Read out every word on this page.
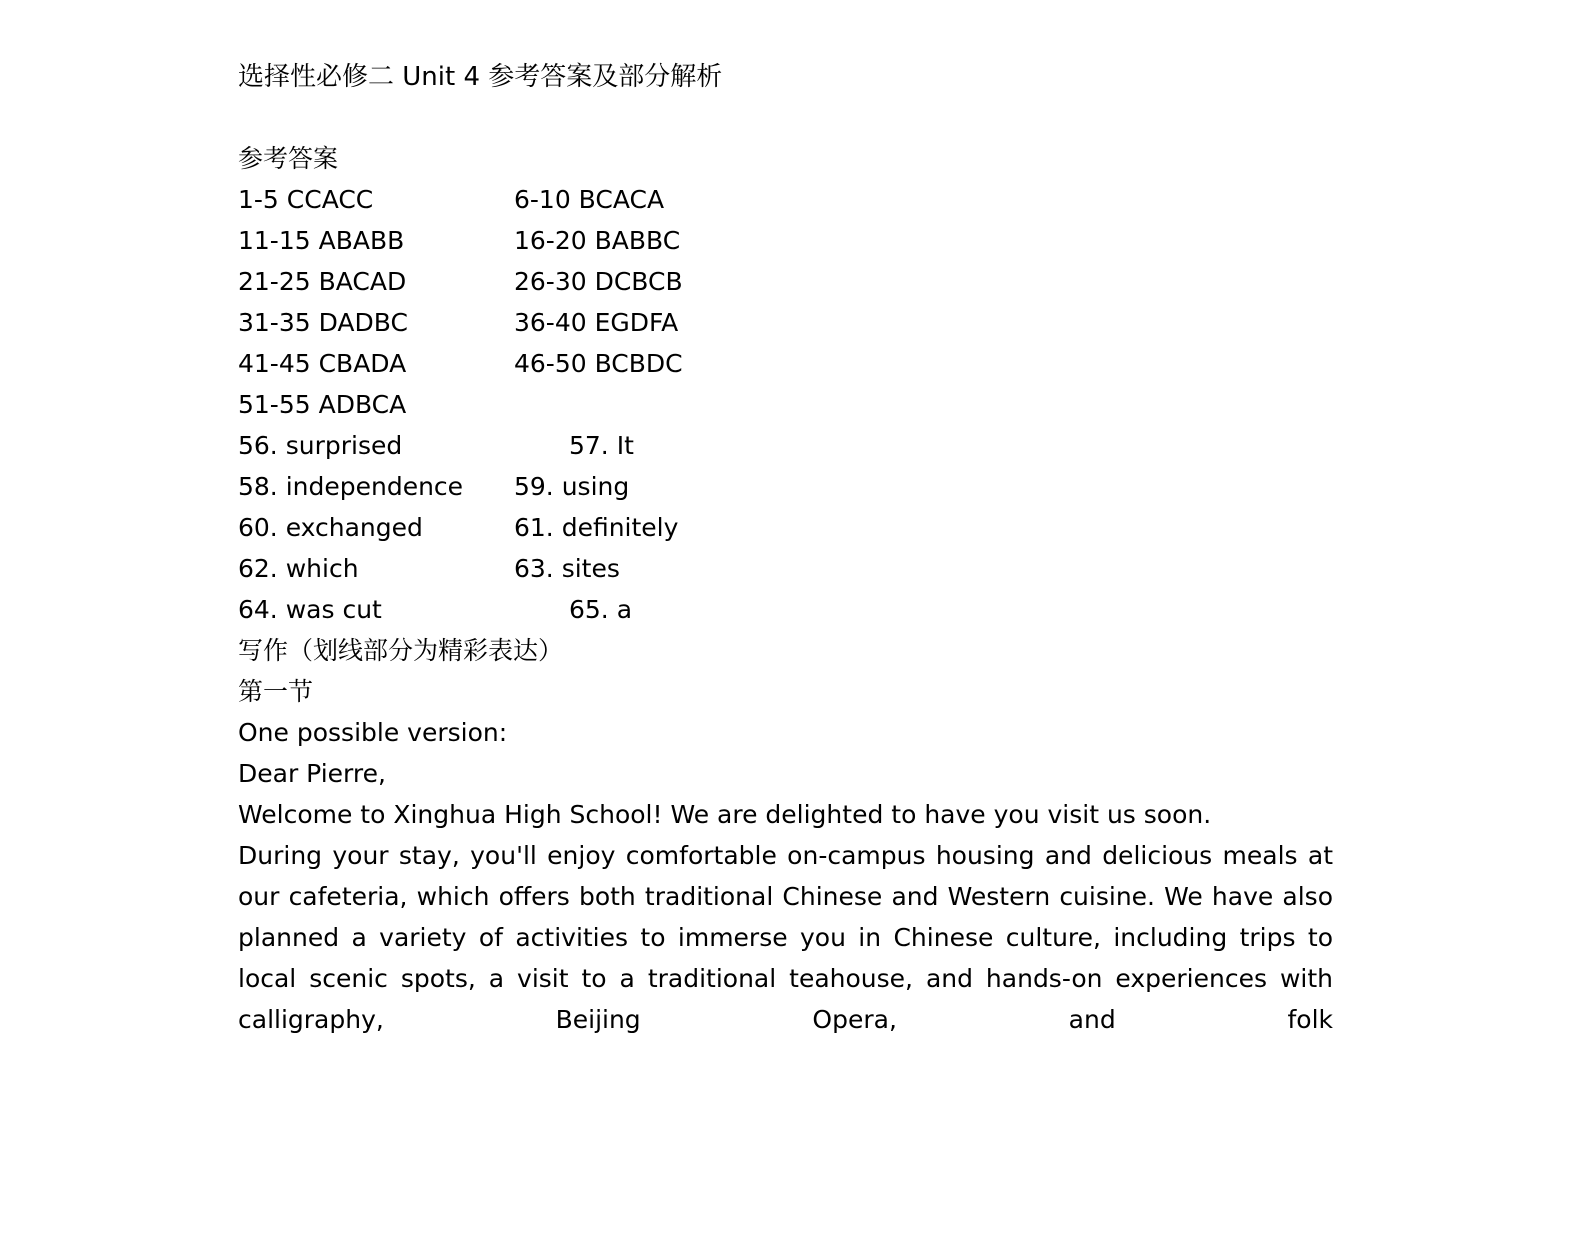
选择性必修二 Unit 4 参考答案及部分解析
参考答案
1-5 CCACC	6-10 BCACA
11-15 ABABB	16-20 BABBC
21-25 BACAD	26-30 DCBCB
31-35 DADBC	36-40 EGDFA
41-45 CBADA	46-50 BCBDC
51-55 ADBCA
56. surprised	57. It
58. independence 59. using
60. exchanged	61. definitely
62. which	63. sites
64. was cut	65. a
写作（划线部分为精彩表达）
第一节
One possible version:
Dear Pierre,
Welcome to Xinghua High School! We are delighted to have you visit us soon.
During your stay, you'll enjoy comfortable on-campus housing and delicious meals at our cafeteria, which offers both traditional Chinese and Western cuisine. We have also planned a variety of activities to immerse you in Chinese culture, including trips to local scenic spots, a visit to a traditional teahouse, and hands-on experiences with calligraphy, Beijing Opera, and folk
